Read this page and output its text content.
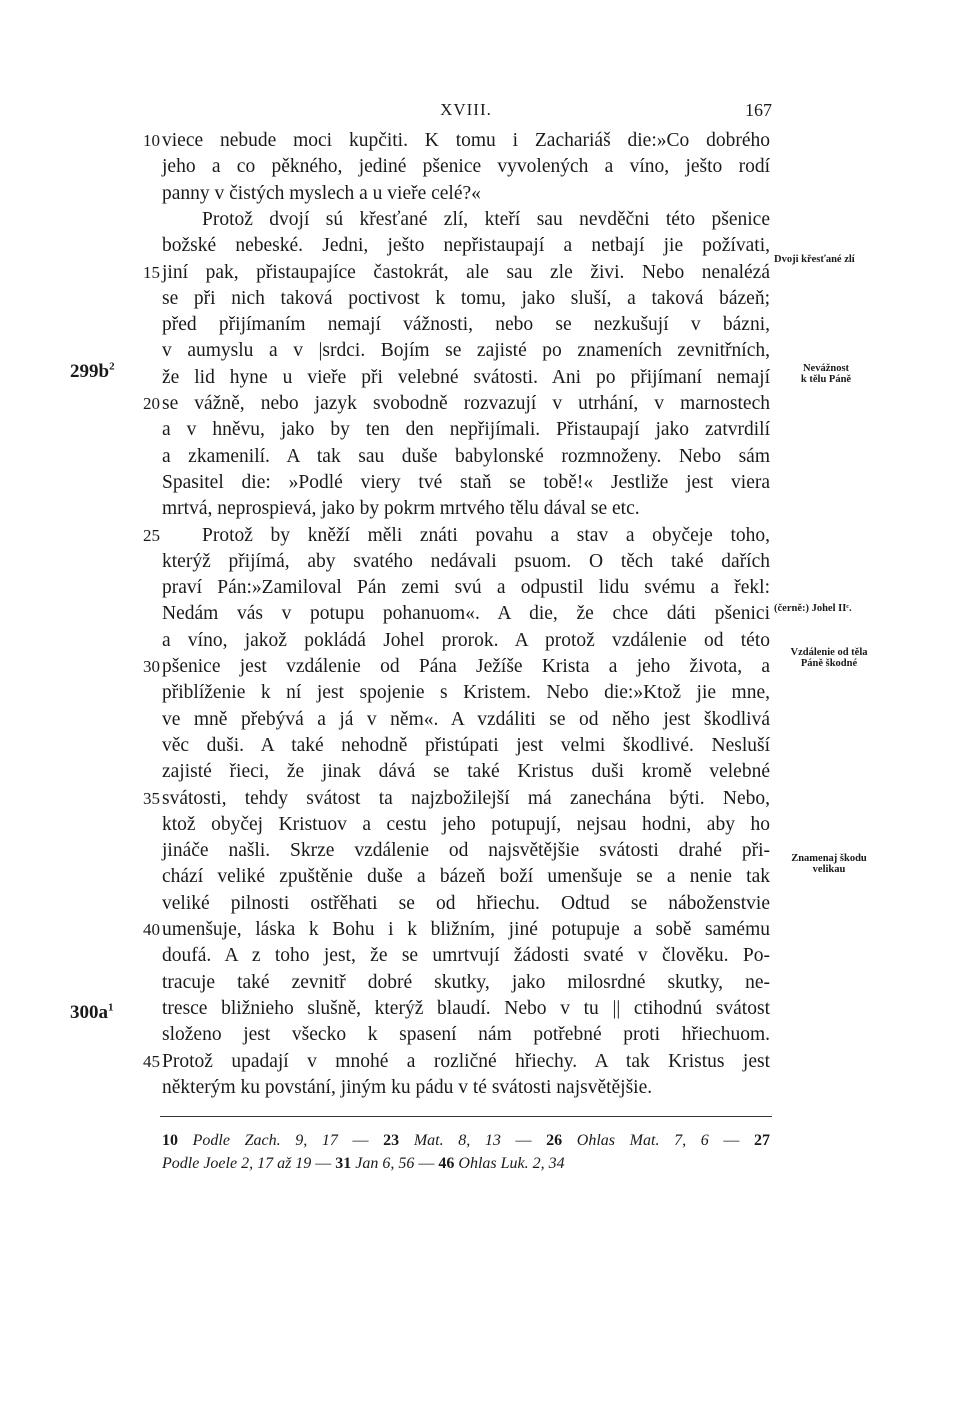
XVIII.	167
viece nebude moci kupčiti. K tomu i Zachariáš die:»Co dobrého
10
jeho a co pěkného, jediné pšenice vyvolených a víno, ješto rodí
panny v čistých myslech a u vieře celé?«
Protož dvojí sú křesťané zlí, kteří sau nevděčni této pšenice
božské nebeské. Jedni, ješto nepřistaupají a netbají jie požívati,
jiní pak, přistaupajíce častokrát, ale sau zle živi. Nebo nenalézá
15
se při nich taková poctivost k tomu, jako sluší, a taková bázeň;
před přijímaním nemají vážnosti, nebo se nezkušují v bázni,
v aumyslu a v |srdci. Bojím se zajisté po znameních zevnitřních,
že lid hyne u vieře při velebné svátosti. Ani po přijímaní nemají
se vážně, nebo jazyk svobodně rozvazují v utrhání, v marnostech
20
a v hněvu, jako by ten den nepřijímali. Přistaupají jako zatvrdilí
a zkamenilí. A tak sau duše babylonské rozmnoženy. Nebo sám
Spasitel die: »Podlé viery tvé staň se tobě!« Jestliže jest viera
mrtvá, neprospievá, jako by pokrm mrtvého tělu dával se etc.
Protož by kněží měli znáti povahu a stav a obyčeje toho,
25
kterýž přijímá, aby svatého nedávali psuom. O těch také dařích
praví Pán:»Zamiloval Pán zemi svú a odpustil lidu svému a řekl:
Nedám vás v potupu pohanuom«. A die, že chce dáti pšenici
a víno, jakož pokládá Johel prorok. A protož vzdálenie od této
pšenice jest vzdálenie od Pána Ježíše Krista a jeho života, a
30
přiblíženie k ní jest spojenie s Kristem. Nebo die:»Ktož jie mne,
ve mně přebývá a já v něm«. A vzdáliti se od něho jest škodlivá
věc duši. A také nehodně přistúpati jest velmi škodlivé. Nesluší
zajisté řieci, že jinak dává se také Kristus duši kromě velebné
svátosti, tehdy svátost ta najzbožilejší má zanechána býti. Nebo,
35
ktož obyčej Kristuov a cestu jeho potupují, nejsau hodni, aby ho
jináče našli. Skrze vzdálenie od najsvětějšie svátosti drahé při-
chází veliké zpuštěnie duše a bázeň boží umenšuje se a nenie tak
veliké pilnosti ostřěhati se od hřiechu. Odtud se náboženstvie
umenšuje, láska k Bohu i k bližním, jiné potupuje a sobě samému
40
doufá. A z toho jest, že se umrtvují žádosti svaté v člověku. Po-
tracuje také zevnitř dobré skutky, jako milosrdné skutky, ne-
tresce bližnieho slušně, kterýž blaudí. Nebo v tu || ctihodnú svátost
složeno jest všecko k spasení nám potřebné proti hřiechuom.
Protož upadají v mnohé a rozličné hřiechy. A tak Kristus jest
45
některým ku povstání, jiným ku pádu v té svátosti najsvětějšie.
$299b^2$
$300a^1$
Dvoji křesťané zlí
Nevážnost
k tělu Páně
(černě:) Johel IIᶜ.
Vzdálenie od těla
Páně škodné
Znamenaj škodu
velikau
10 Podle Zach. 9, 17 — 23 Mat. 8, 13 — 26 Ohlas Mat. 7, 6 — 27
Podle Joele 2, 17 až 19 — 31 Jan 6, 56 — 46 Ohlas Luk. 2, 34
